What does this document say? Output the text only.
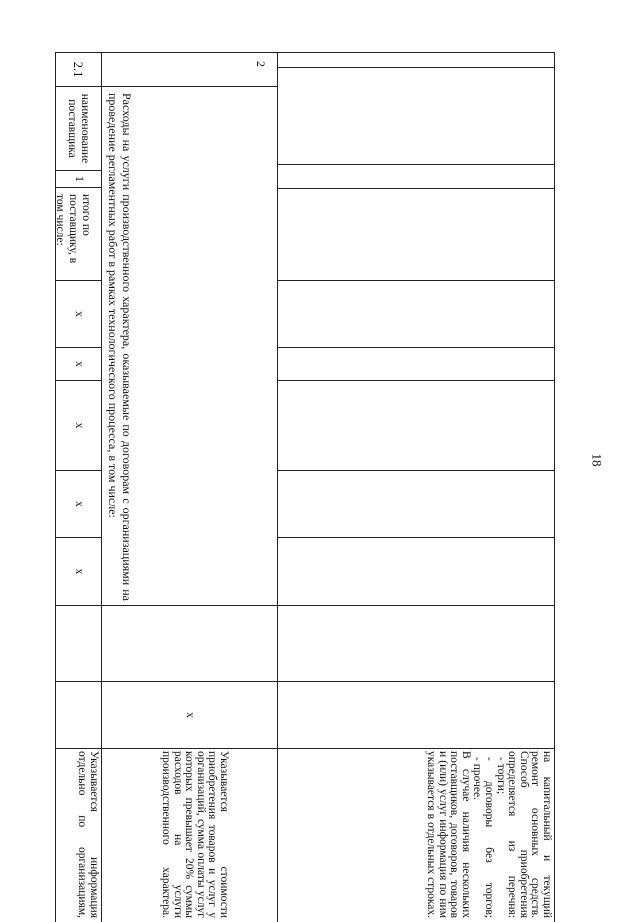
18
2.1
наименование поставщика
1
итого по поставщику, в том числе:
х
х
х
х
х
2
Расходы на услуги производственного характера, оказываемые по договорам с организациями на проведение регламентных работ в рамках технологического процесса, в том числе:
х
Указывается стоимости приобретения товаров и услуг у организаций, сумма оплаты услуг которых превышает 20% суммы расходов на услуги производственного характера.	на капитальный и текущий ремонт основных средств.

Способ приобретения определяется из перечня:

- торги;

- договоры без торгов;

- прочее.

В случае наличия нескольких поставщиков, договоров, товаров и (или) услуг информация по ним указывается в отдельных строках.

Указывается информация отдельно по организациям,
